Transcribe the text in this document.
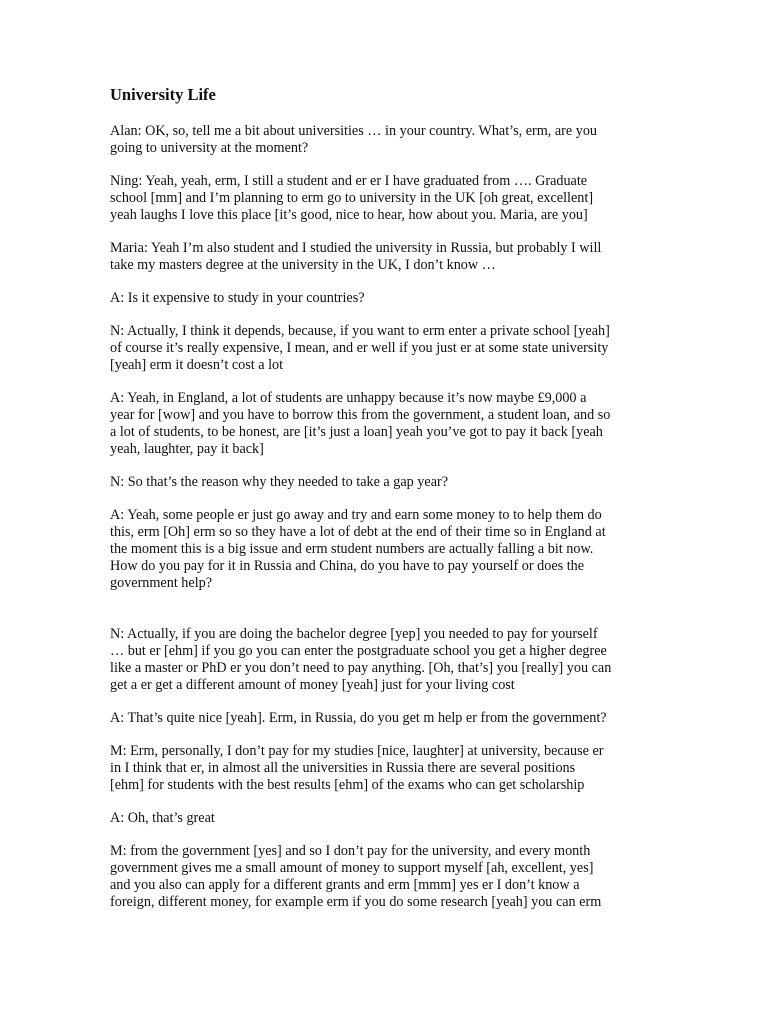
University Life

Alan: OK, so, tell me a bit about universities … in your country. What’s, erm, are you
going to university at the moment?

Ning: Yeah, yeah, erm, I still a student and er er I have graduated from …. Graduate
school [mm] and I’m planning to erm go to university in the UK [oh great, excellent]
yeah laughs I love this place [it’s good, nice to hear, how about you. Maria, are you]

Maria: Yeah I’m also student and I studied the university in Russia, but probably I will
take my masters degree at the university in the UK, I don’t know …

A: Is it expensive to study in your countries?

N: Actually, I think it depends, because, if you want to erm enter a private school [yeah]
of course it’s really expensive, I mean, and er well if you just er at some state university
[yeah] erm it doesn’t cost a lot

A: Yeah, in England, a lot of students are unhappy because it’s now maybe £9,000 a
year for [wow] and you have to borrow this from the government, a student loan, and so
a lot of students, to be honest, are [it’s just a loan] yeah you’ve got to pay it back [yeah
yeah, laughter, pay it back]

N: So that’s the reason why they needed to take a gap year?

A: Yeah, some people er just go away and try and earn some money to to help them do
this, erm [Oh] erm so so they have a lot of debt at the end of their time so in England at
the moment this is a big issue and erm student numbers are actually falling a bit now.
How do you pay for it in Russia and China, do you have to pay yourself or does the
government help?

N: Actually, if you are doing the bachelor degree [yep] you needed to pay for yourself
… but er [ehm] if you go you can enter the postgraduate school you get a higher degree
like a master or PhD er you don’t need to pay anything. [Oh, that’s] you [really] you can
get a er get a different amount of money [yeah] just for your living cost

A: That’s quite nice [yeah]. Erm, in Russia, do you get m help er from the government?

M: Erm, personally, I don’t pay for my studies [nice, laughter] at university, because er
in I think that er, in almost all the universities in Russia there are several positions
[ehm] for students with the best results [ehm] of the exams who can get scholarship

A: Oh, that’s great

M: from the government [yes] and so I don’t pay for the university, and every month
government gives me a small amount of money to support myself [ah, excellent, yes]
and you also can apply for a different grants and erm [mmm] yes er I don’t know a
foreign, different money, for example erm if you do some research [yeah] you can erm
